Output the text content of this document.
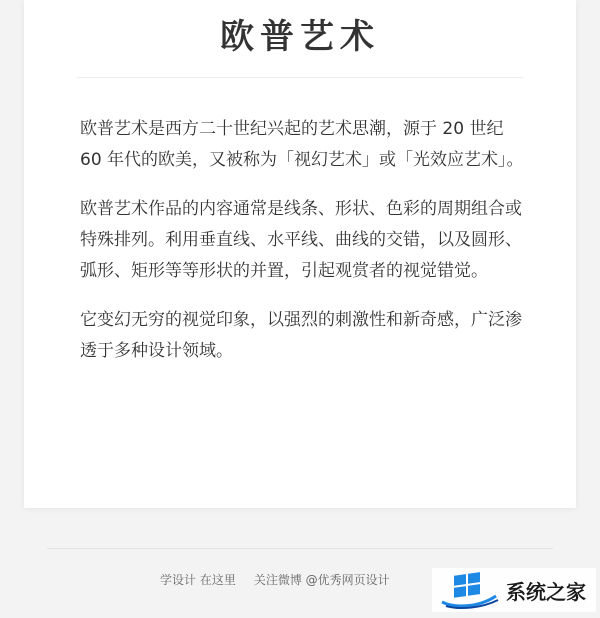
欧普艺术

欧普艺术是西方二十世纪兴起的艺术思潮，源于 20 世纪 60 年代的欧美，又被称为「视幻艺术」或「光效应艺术」。

欧普艺术作品的内容通常是线条、形状、色彩的周期组合或特殊排列。利用垂直线、水平线、曲线的交错，以及圆形、弧形、矩形等等形状的并置，引起观赏者的视觉错觉。

它变幻无穷的视觉印象，以强烈的刺激性和新奇感，广泛渗透于多种设计领域。

学设计 在这里 关注微博 @优秀网页设计	系统之家
